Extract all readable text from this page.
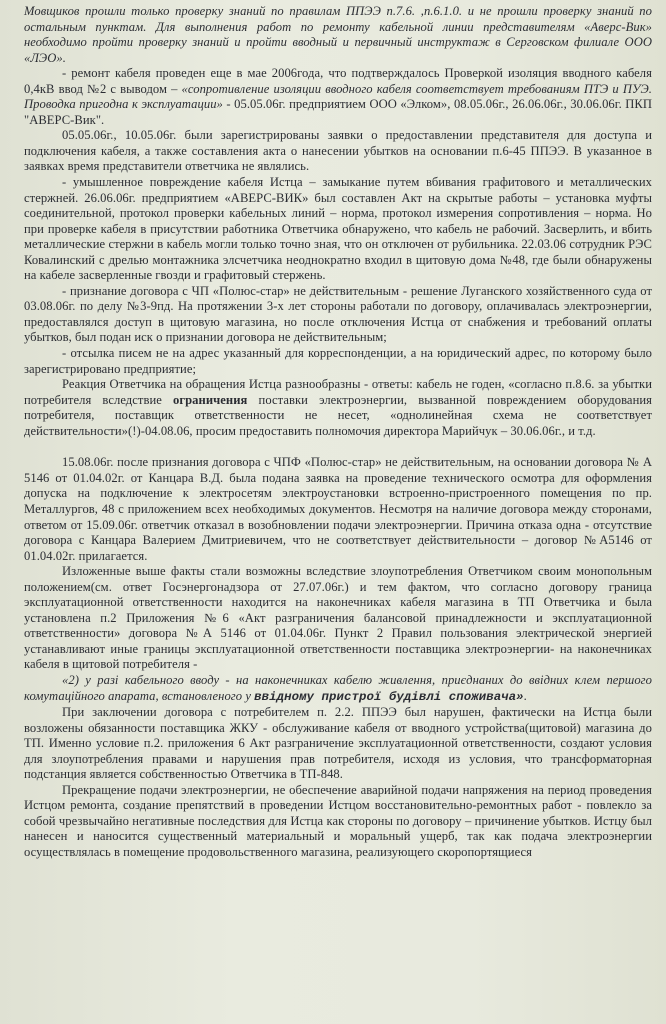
Мовщиков прошли только проверку знаний по правилам ППЭЭ п.7.6. ,п.6.1.0. и не прошли проверку знаний по остальным пунктам. Для выполнения работ по ремонту кабельной линии представителям «Аверс-Вик» необходимо пройти проверку знаний и пройти вводный и первичный инструктаж в Серговском филиале ООО «ЛЭО».

- ремонт кабеля проведен еще в мае 2006года, что подтверждалось Проверкой изоляция вводного кабеля 0,4кВ ввод №2 с выводом – «сопротивление изоляции вводного кабеля соответствует требованиям ПТЭ и ПУЭ. Проводка пригодна к эксплуатации» - 05.05.06г. предприятием ООО «Элком», 08.05.06г., 26.06.06г., 30.06.06г. ПКП "АВЕРС-Вик".

05.05.06г., 10.05.06г. были зарегистрированы заявки о предоставлении представителя для доступа и подключения кабеля, а также составления акта о нанесении убытков на основании п.6-45 ППЭЭ. В указанное в заявках время представители ответчика не являлись.

- умышленное повреждение кабеля Истца – замыкание путем вбивания графитового и металлических стержней. 26.06.06г. предприятием «АВЕРС-ВИК» был составлен Акт на скрытые работы – установка муфты соединительной, протокол проверки кабельных линий – норма, протокол измерения сопротивления – норма. Но при проверке кабеля в присутствии работника Ответчика обнаружено, что кабель не рабочий. Засверлить, и вбить металлические стержни в кабель могли только точно зная, что он отключен от рубильника. 22.03.06 сотрудник РЭС Ковалинский с дрелью монтажника элсчетчика неоднократно входил в щитовую дома №48, где были обнаружены на кабеле засверленные гвозди и графитовый стержень.

- признание договора с ЧП «Полюс-стар» не действительным - решение Луганского хозяйственного суда от 03.08.06г. по делу №3-9пд. На протяжении 3-х лет стороны работали по договору, оплачивалась электроэнергии, предоставлялся доступ в щитовую магазина, но после отключения Истца от снабжения и требований оплаты убытков, был подан иск о признании договора не действительным;

- отсылка писем не на адрес указанный для корреспонденции, а на юридический адрес, по которому было зарегистрировано предприятие;

Реакция Ответчика на обращения Истца разнообразны - ответы: кабель не годен, «согласно п.8.6. за убытки потребителя вследствие ограничения поставки электроэнергии, вызванной повреждением оборудования потребителя, поставщик ответственности не несет, «однолинейная схема не соответствует действительности»(!)-04.08.06, просим предоставить полномочия директора Марийчук – 30.06.06г., и т.д.

15.08.06г. после признания договора с ЧПФ «Полюс-стар» не действительным, на основании договора № А 5146 от 01.04.02г. от Канцара В.Д. была подана заявка на проведение технического осмотра для оформления допуска на подключение к электросетям электроустановки встроенно-пристроенного помещения по пр. Металлургов, 48 с приложением всех необходимых документов. Несмотря на наличие договора между сторонами, ответом от 15.09.06г. ответчик отказал в возобновлении подачи электроэнергии. Причина отказа одна - отсутствие договора с Канцара Валерием Дмитриевичем, что не соответствует действительности – договор №А5146 от 01.04.02г. прилагается.

Изложенные выше факты стали возможны вследствие злоупотребления Ответчиком своим монопольным положением(см. ответ Госэнергонадзора от 27.07.06г.) и тем фактом, что согласно договору граница эксплуатационной ответственности находится на наконечниках кабеля магазина в ТП Ответчика и была установлена п.2 Приложения №6 «Акт разграничения балансовой принадлежности и эксплуатационной ответственности» договора №А 5146 от 01.04.06г. Пункт 2 Правил пользования электрической энергией устанавливают иные границы эксплуатационной ответственности поставщика электроэнергии- на наконечниках кабеля в щитовой потребителя -

«2) у разі кабельного вводу - на наконечниках кабелю живлення, приєднаних до ввідних клем першого комутаційного апарата, встановленого у ввідному пристрої будівлі споживача».

При заключении договора с потребителем п. 2.2. ППЭЭ был нарушен, фактически на Истца были возложены обязанности поставщика ЖКУ - обслуживание кабеля от вводного устройства(щитовой) магазина до ТП. Именно условие п.2. приложения 6 Акт разграничение эксплуатационной ответственности, создают условия для злоупотребления правами и нарушения прав потребителя, исходя из условия, что трансформаторная подстанция является собственностью Ответчика в ТП-848.

Прекращение подачи электроэнергии, не обеспечение аварийной подачи напряжения на период проведения Истцом ремонта, создание препятствий в проведении Истцом восстановительно-ремонтных работ - повлекло за собой чрезвычайно негативные последствия для Истца как стороны по договору – причинение убытков. Истцу был нанесен и наносится существенный материальный и моральный ущерб, так как подача электроэнергии осуществлялась в помещение продовольственного магазина, реализующего скоропортящиеся
